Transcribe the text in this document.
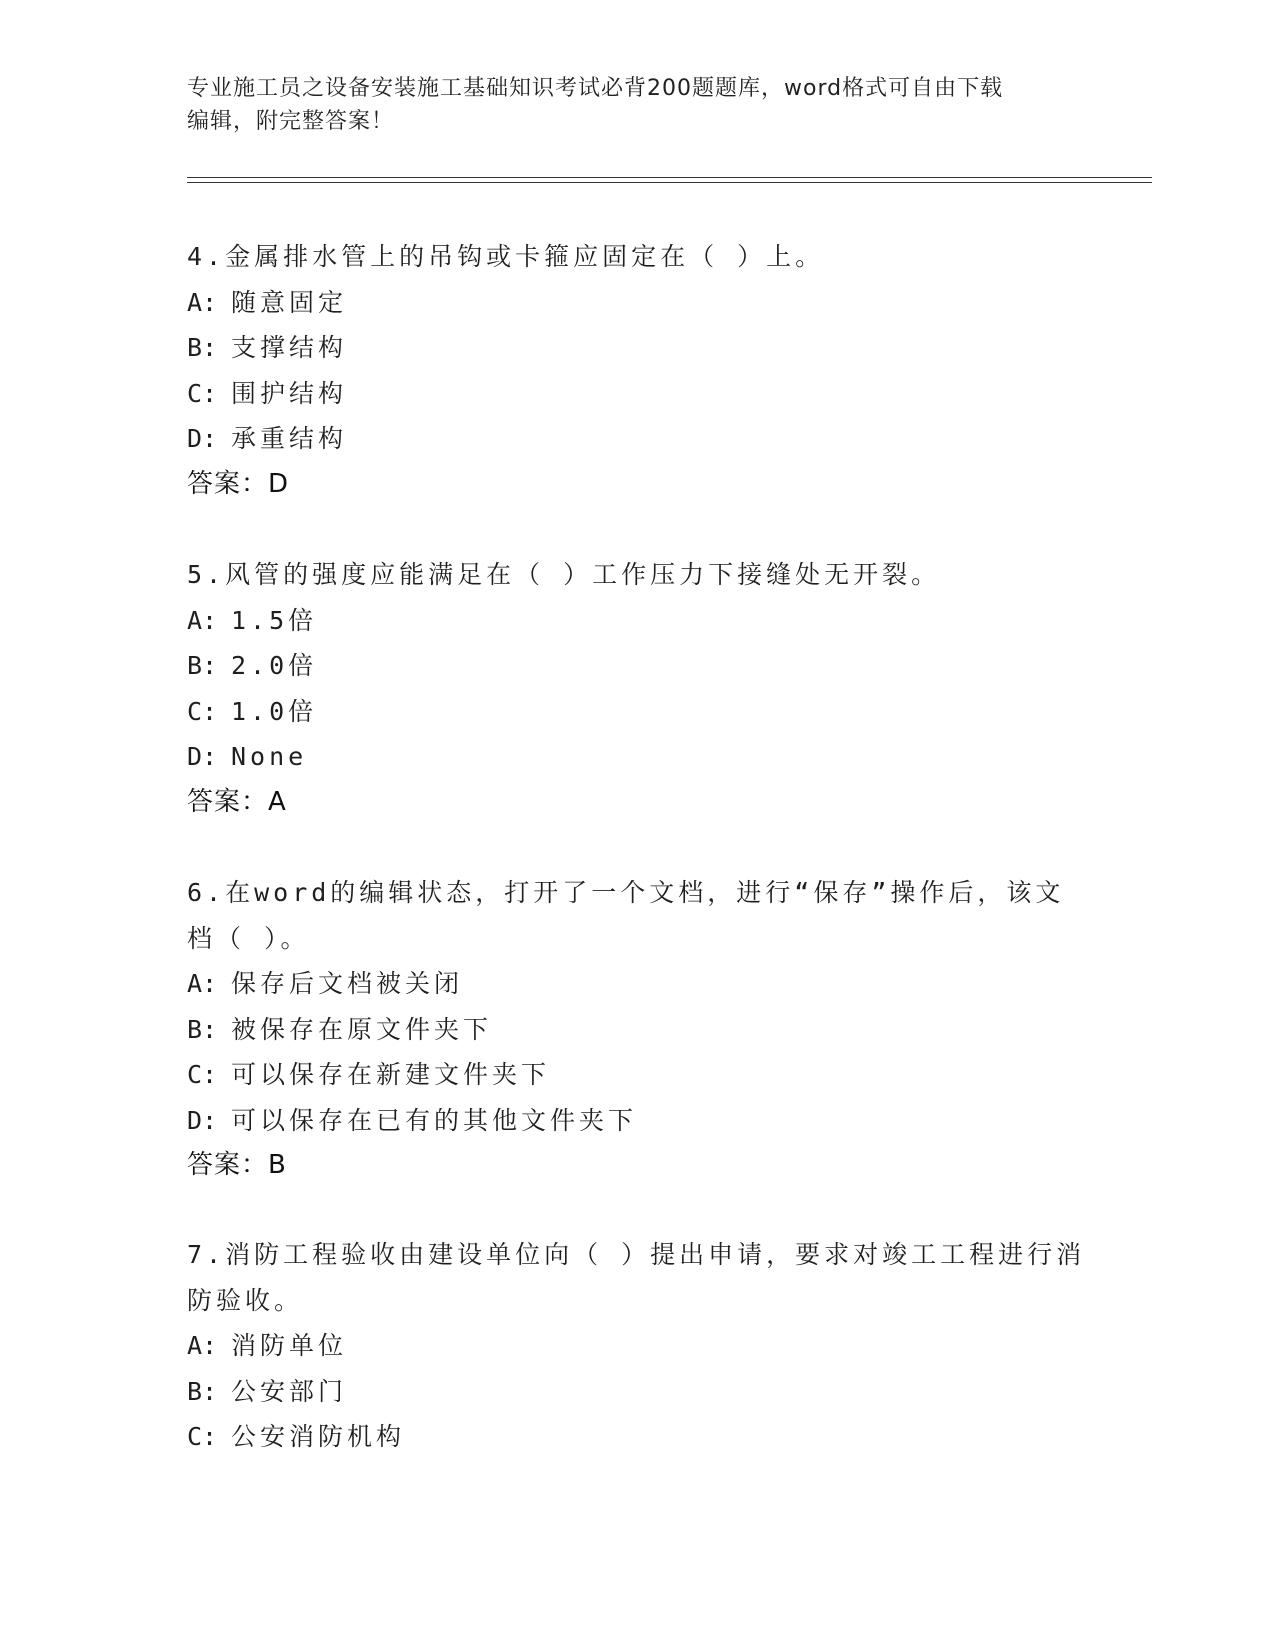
专业施工员之设备安装施工基础知识考试必背200题题库，word格式可自由下载
编辑，附完整答案！
4.金属排水管上的吊钩或卡箍应固定在（ ）上。
A: 随意固定
B: 支撑结构
C: 围护结构
D: 承重结构
答案：D
5.风管的强度应能满足在（ ）工作压力下接缝处无开裂。
A: 1.5倍
B: 2.0倍
C: 1.0倍
D: None
答案：A
6.在word的编辑状态，打开了一个文档，进行“保存”操作后，该文
档（ ）。
A: 保存后文档被关闭
B: 被保存在原文件夹下
C: 可以保存在新建文件夹下
D: 可以保存在已有的其他文件夹下
答案：B
7.消防工程验收由建设单位向（ ）提出申请，要求对竣工工程进行消
防验收。
A: 消防单位
B: 公安部门
C: 公安消防机构
